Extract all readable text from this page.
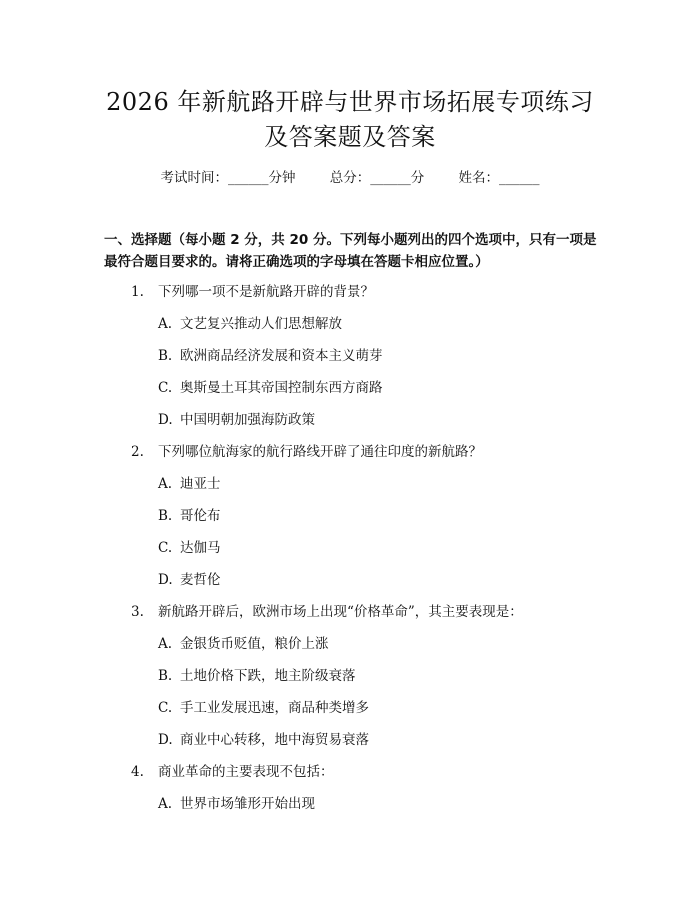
2026 年新航路开辟与世界市场拓展专项练习
及答案题及答案
考试时间：______分钟	总分：______分	姓名：______
一、选择题（每小题 2 分，共 20 分。下列每小题列出的四个选项中，只有一项是
最符合题目要求的。请将正确选项的字母填在答题卡相应位置。）
1. 下列哪一项不是新航路开辟的背景？
A. 文艺复兴推动人们思想解放
B. 欧洲商品经济发展和资本主义萌芽
C. 奥斯曼土耳其帝国控制东西方商路
D. 中国明朝加强海防政策
2. 下列哪位航海家的航行路线开辟了通往印度的新航路？
A. 迪亚士
B. 哥伦布
C. 达伽马
D. 麦哲伦
3. 新航路开辟后，欧洲市场上出现“价格革命”，其主要表现是：
A. 金银货币贬值，粮价上涨
B. 土地价格下跌，地主阶级衰落
C. 手工业发展迅速，商品种类增多
D. 商业中心转移，地中海贸易衰落
4. 商业革命的主要表现不包括：
A. 世界市场雏形开始出现
